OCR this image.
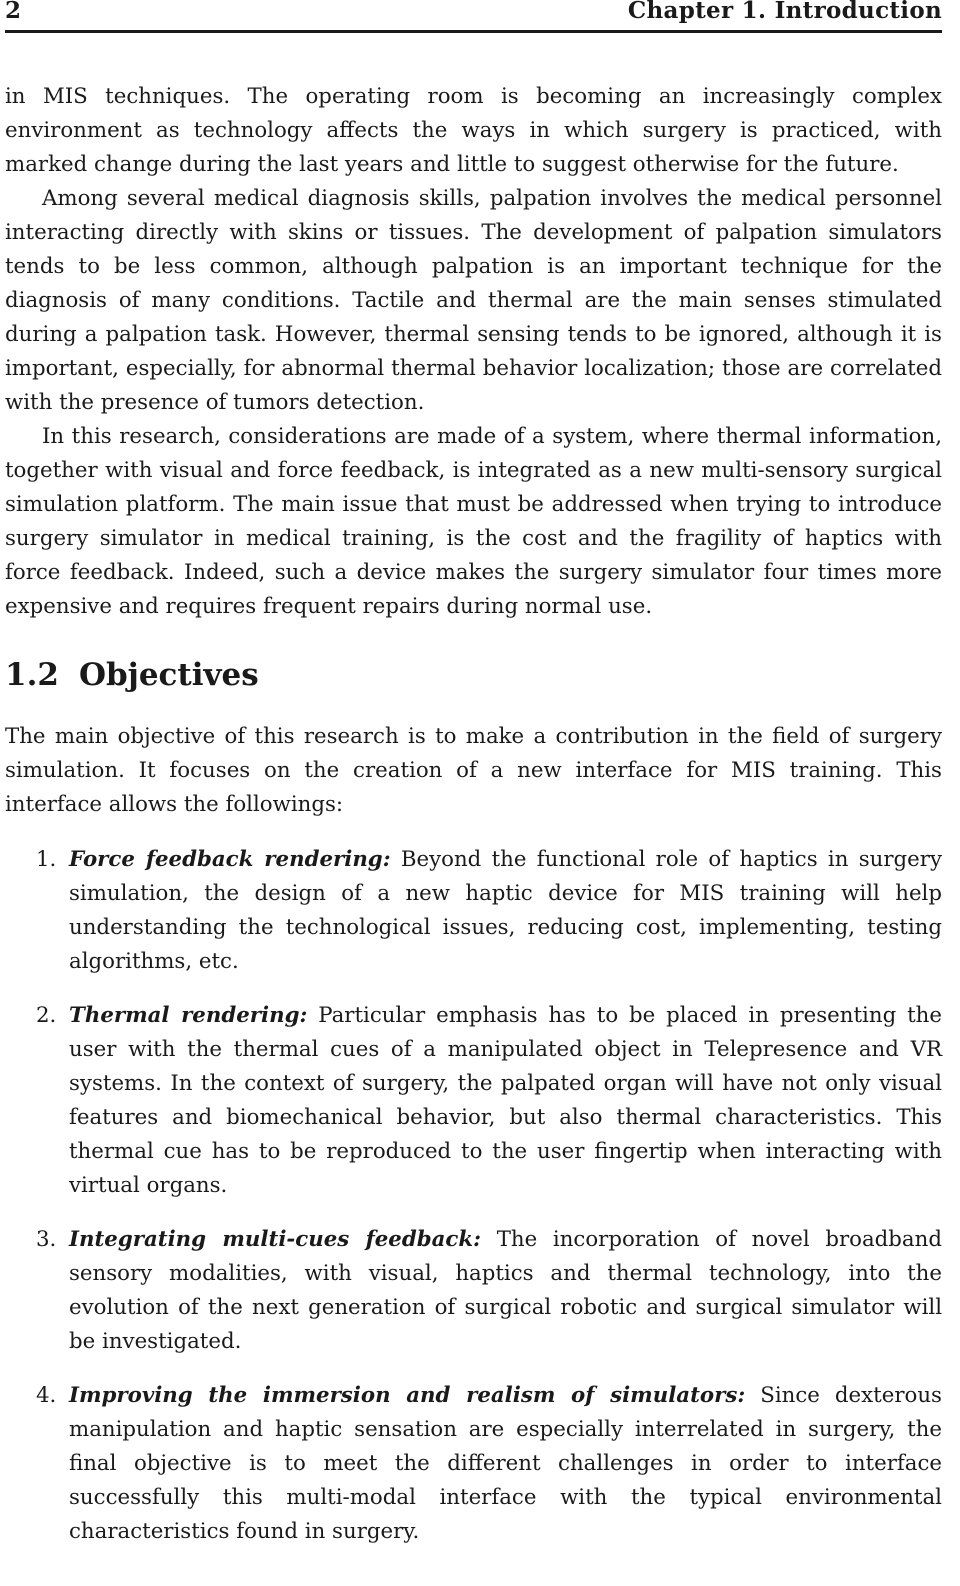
2	Chapter 1. Introduction

in MIS techniques. The operating room is becoming an increasingly complex environment as technology affects the ways in which surgery is practiced, with marked change during the last years and little to suggest otherwise for the future.

Among several medical diagnosis skills, palpation involves the medical personnel interacting directly with skins or tissues. The development of palpation simulators tends to be less common, although palpation is an important technique for the diagnosis of many conditions. Tactile and thermal are the main senses stimulated during a palpation task. However, thermal sensing tends to be ignored, although it is important, especially, for abnormal thermal behavior localization; those are correlated with the presence of tumors detection.

In this research, considerations are made of a system, where thermal information, together with visual and force feedback, is integrated as a new multi-sensory surgical simulation platform. The main issue that must be addressed when trying to introduce surgery simulator in medical training, is the cost and the fragility of haptics with force feedback. Indeed, such a device makes the surgery simulator four times more expensive and requires frequent repairs during normal use.

1.2 Objectives

The main objective of this research is to make a contribution in the field of surgery simulation. It focuses on the creation of a new interface for MIS training. This interface allows the followings:

1. Force feedback rendering: Beyond the functional role of haptics in surgery simulation, the design of a new haptic device for MIS training will help understanding the technological issues, reducing cost, implementing, testing algorithms, etc.
2. Thermal rendering: Particular emphasis has to be placed in presenting the user with the thermal cues of a manipulated object in Telepresence and VR systems. In the context of surgery, the palpated organ will have not only visual features and biomechanical behavior, but also thermal characteristics. This thermal cue has to be reproduced to the user fingertip when interacting with virtual organs.
3. Integrating multi-cues feedback: The incorporation of novel broadband sensory modalities, with visual, haptics and thermal technology, into the evolution of the next generation of surgical robotic and surgical simulator will be investigated.
4. Improving the immersion and realism of simulators: Since dexterous manipulation and haptic sensation are especially interrelated in surgery, the final objective is to meet the different challenges in order to interface successfully this multi-modal interface with the typical environmental characteristics found in surgery.
